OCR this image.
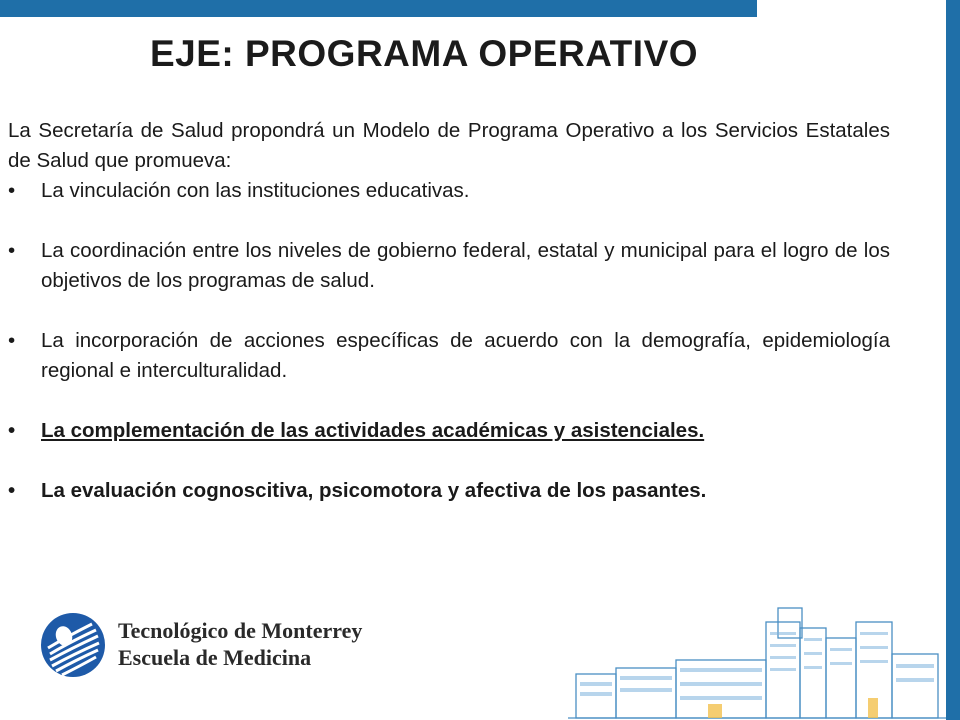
EJE: PROGRAMA OPERATIVO

La Secretaría de Salud propondrá un Modelo de Programa Operativo a los Servicios Estatales de Salud que promueva:

• La vinculación con las instituciones educativas.
• La coordinación entre los niveles de gobierno federal, estatal y municipal para el logro de los objetivos de los programas de salud.
• La incorporación de acciones específicas de acuerdo con la demografía, epidemiología regional e interculturalidad.
• La complementación de las actividades académicas y asistenciales.
• La evaluación cognoscitiva, psicomotora y afectiva de los pasantes.
Tecnológico de Monterrey
Escuela de Medicina
